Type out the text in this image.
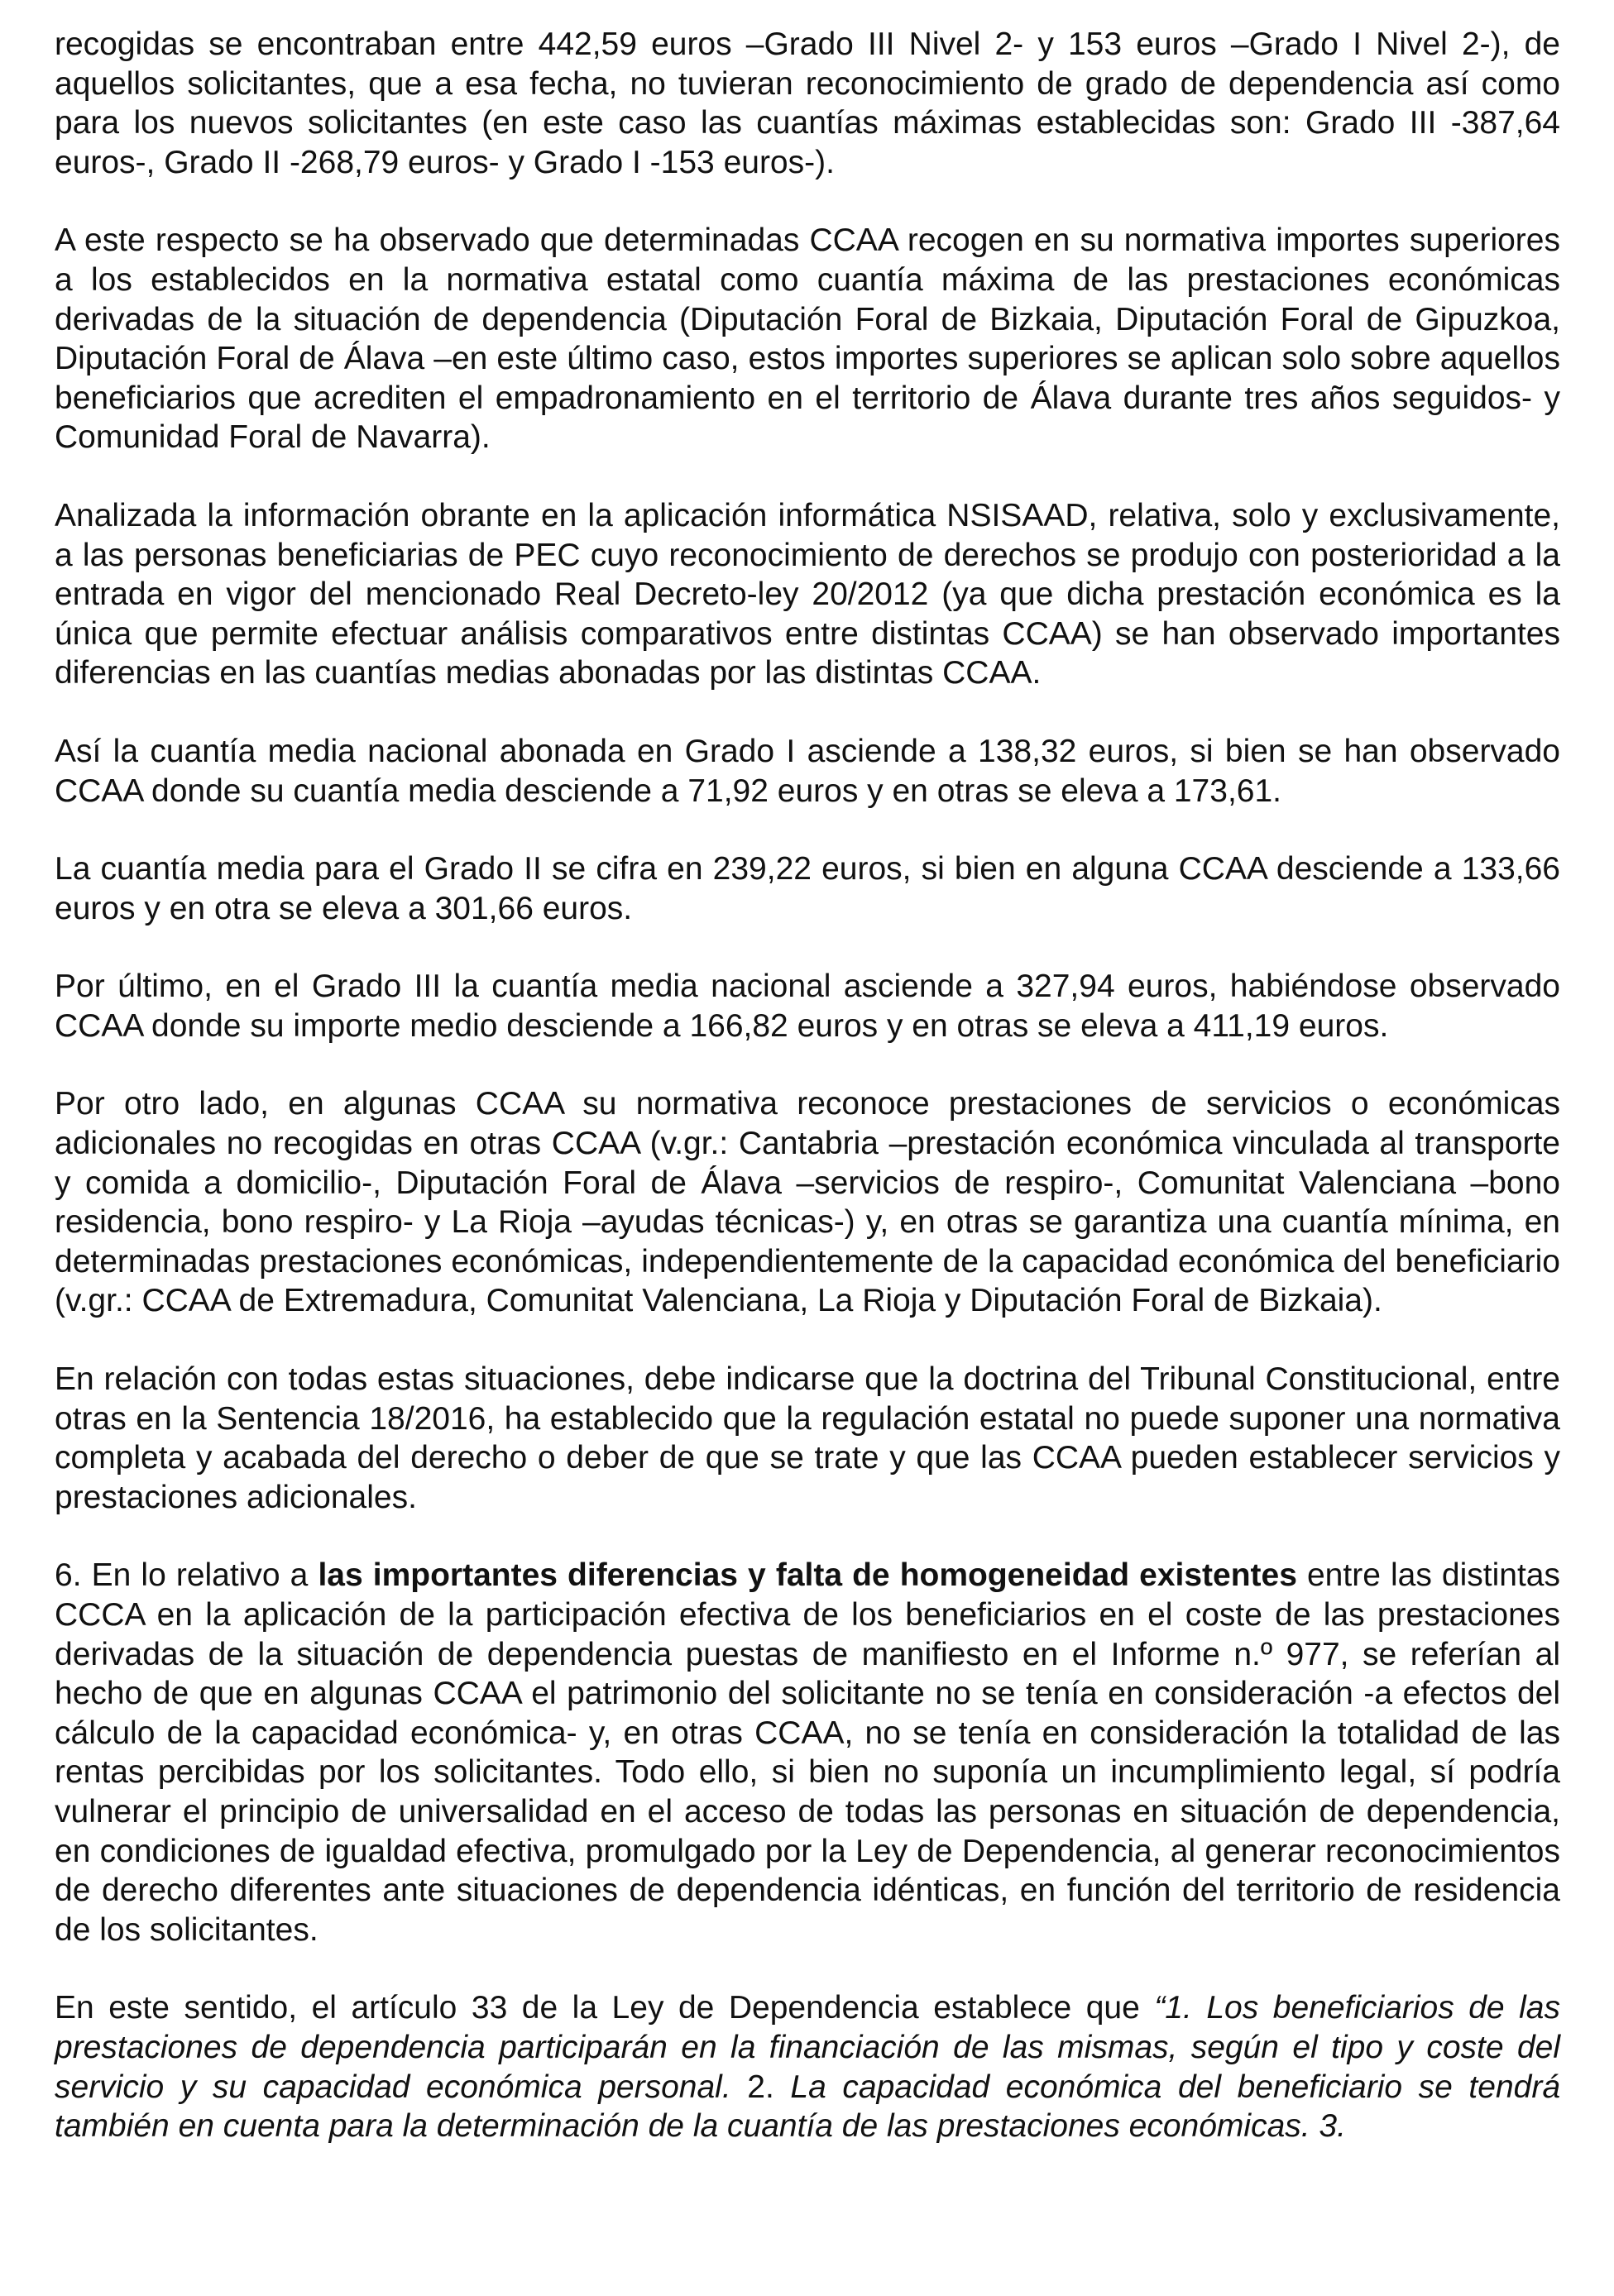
recogidas se encontraban entre 442,59 euros –Grado III Nivel 2- y 153 euros –Grado I Nivel 2-), de aquellos solicitantes, que a esa fecha, no tuvieran reconocimiento de grado de dependencia así como para los nuevos solicitantes (en este caso las cuantías máximas establecidas son: Grado III -387,64 euros-, Grado II -268,79 euros- y Grado I -153 euros-).

A este respecto se ha observado que determinadas CCAA recogen en su normativa importes superiores a los establecidos en la normativa estatal como cuantía máxima de las prestaciones económicas derivadas de la situación de dependencia (Diputación Foral de Bizkaia, Diputación Foral de Gipuzkoa, Diputación Foral de Álava –en este último caso, estos importes superiores se aplican solo sobre aquellos beneficiarios que acrediten el empadronamiento en el territorio de Álava durante tres años seguidos- y Comunidad Foral de Navarra).

Analizada la información obrante en la aplicación informática NSISAAD, relativa, solo y exclusivamente, a las personas beneficiarias de PEC cuyo reconocimiento de derechos se produjo con posterioridad a la entrada en vigor del mencionado Real Decreto-ley 20/2012 (ya que dicha prestación económica es la única que permite efectuar análisis comparativos entre distintas CCAA) se han observado importantes diferencias en las cuantías medias abonadas por las distintas CCAA.

Así la cuantía media nacional abonada en Grado I asciende a 138,32 euros, si bien se han observado CCAA donde su cuantía media desciende a 71,92 euros y en otras se eleva a 173,61.

La cuantía media para el Grado II se cifra en 239,22 euros, si bien en alguna CCAA desciende a 133,66 euros y en otra se eleva a 301,66 euros.

Por último, en el Grado III la cuantía media nacional asciende a 327,94 euros, habiéndose observado CCAA donde su importe medio desciende a 166,82 euros y en otras se eleva a 411,19 euros.

Por otro lado, en algunas CCAA su normativa reconoce prestaciones de servicios o económicas adicionales no recogidas en otras CCAA (v.gr.: Cantabria –prestación económica vinculada al transporte y comida a domicilio-, Diputación Foral de Álava –servicios de respiro-, Comunitat Valenciana –bono residencia, bono respiro- y La Rioja –ayudas técnicas-) y, en otras se garantiza una cuantía mínima, en determinadas prestaciones económicas, independientemente de la capacidad económica del beneficiario (v.gr.: CCAA de Extremadura, Comunitat Valenciana, La Rioja y Diputación Foral de Bizkaia).

En relación con todas estas situaciones, debe indicarse que la doctrina del Tribunal Constitucional, entre otras en la Sentencia 18/2016, ha establecido que la regulación estatal no puede suponer una normativa completa y acabada del derecho o deber de que se trate y que las CCAA pueden establecer servicios y prestaciones adicionales.

6. En lo relativo a las importantes diferencias y falta de homogeneidad existentes entre las distintas CCCA en la aplicación de la participación efectiva de los beneficiarios en el coste de las prestaciones derivadas de la situación de dependencia puestas de manifiesto en el Informe n.º 977, se referían al hecho de que en algunas CCAA el patrimonio del solicitante no se tenía en consideración -a efectos del cálculo de la capacidad económica- y, en otras CCAA, no se tenía en consideración la totalidad de las rentas percibidas por los solicitantes. Todo ello, si bien no suponía un incumplimiento legal, sí podría vulnerar el principio de universalidad en el acceso de todas las personas en situación de dependencia, en condiciones de igualdad efectiva, promulgado por la Ley de Dependencia, al generar reconocimientos de derecho diferentes ante situaciones de dependencia idénticas, en función del territorio de residencia de los solicitantes.

En este sentido, el artículo 33 de la Ley de Dependencia establece que “1. Los beneficiarios de las prestaciones de dependencia participarán en la financiación de las mismas, según el tipo y coste del servicio y su capacidad económica personal. 2. La capacidad económica del beneficiario se tendrá también en cuenta para la determinación de la cuantía de las prestaciones económicas. 3.
